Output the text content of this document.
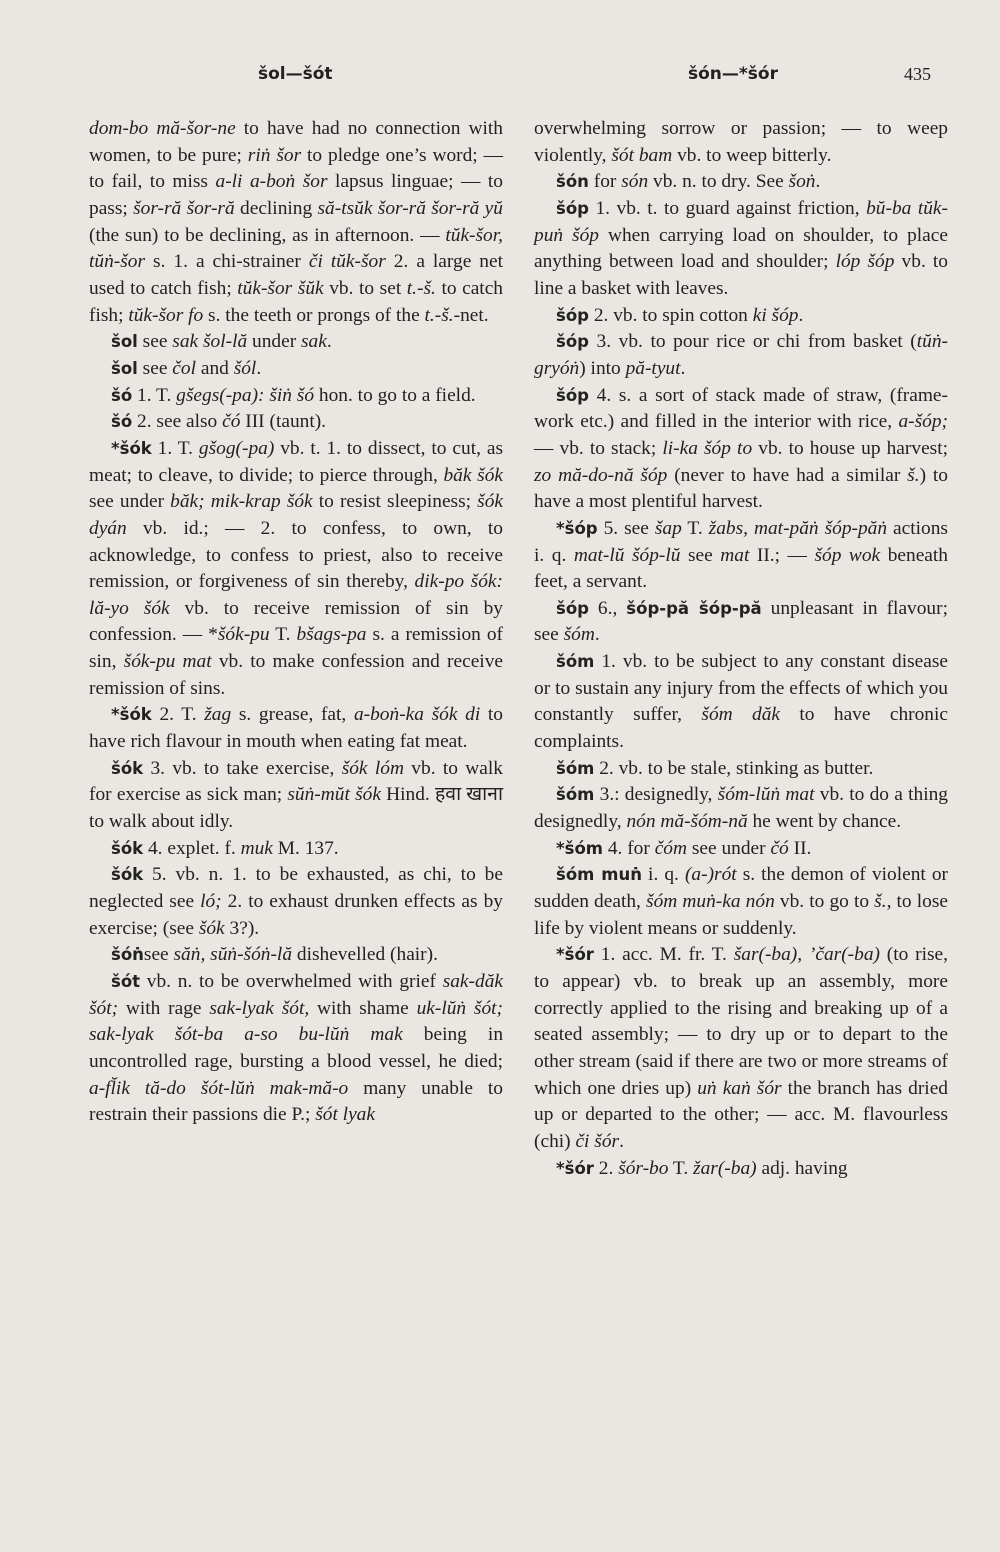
šol—šót	šón—*šór	435

dom-bo mă-šor-ne to have had no connection with women, to be pure; riṅ šor to pledge one’s word; — to fail, to miss a-li a-boṅ šor lapsus linguae; — to pass; šor-ră šor-ră declining să-tsŭk šor-ră šor-ră yŭ (the sun) to be declining, as in afternoon. — tŭk-šor, tŭṅ-šor s. 1. a chi-strainer či tŭk-šor 2. a large net used to catch fish; tŭk-šor šŭk vb. to set t.-š. to catch fish; tŭk-šor fo s. the teeth or prongs of the t.-š.-net.

šol see sak šol-lă under sak.

šol see čol and šól.

šó 1. T. gšegs(-pa): šiṅ šó hon. to go to a field.

šó 2. see also čó III (taunt).

*šók 1. T. gšog(-pa) vb. t. 1. to dissect, to cut, as meat; to cleave, to divide; to pierce through, băk šók see under băk; mik-krap šók to resist sleepiness; šók dyán vb. id.; — 2. to confess, to own, to acknowledge, to confess to priest, also to receive remission, or forgiveness of sin thereby, dik-po šók: lă-yo šók vb. to receive remission of sin by confession. — *šók-pu T. bšags-pa s. a remission of sin, šók-pu mat vb. to make confession and receive remission of sins.

*šók 2. T. žag s. grease, fat, a-boṅ-ka šók di to have rich flavour in mouth when eating fat meat.

šók 3. vb. to take exercise, šók lóm vb. to walk for exercise as sick man; sŭṅ-mŭt šók Hind. हवा खाना to walk about idly.

šók 4. explet. f. muk M. 137.

šók 5. vb. n. 1. to be exhausted, as chi, to be neglected see ló; 2. to exhaust drunken effects as by exercise; (see šók 3?).

šóṅsee săṅ, sŭṅ-šóṅ-lă dishevelled (hair).

šót vb. n. to be overwhelmed with grief sak-dăk šót; with rage sak-lyak šót, with shame uk-lŭṅ šót; sak-lyak šót-ba a-so bu-lŭṅ mak being in uncontrolled rage, bursting a blood vessel, he died; a-fl̆ik tă-do šót-lŭṅ mak-mă-o many unable to restrain their passions die P.; šót lyak

overwhelming sorrow or passion; — to weep violently, šót bam vb. to weep bitterly.

šón for són vb. n. to dry. See šoṅ.

šóp 1. vb. t. to guard against friction, bŭ-ba tŭk-puṅ šóp when carrying load on shoulder, to place anything between load and shoulder; lóp šóp vb. to line a basket with leaves.

šóp 2. vb. to spin cotton ki šóp.

šóp 3. vb. to pour rice or chi from basket (tŭṅ-gryóṅ) into pă-tyut.

šóp 4. s. a sort of stack made of straw, (frame-work etc.) and filled in the interior with rice, a-šóp; — vb. to stack; li-ka šóp to vb. to house up harvest; zo mă-do-nă šóp (never to have had a similar š.) to have a most plentiful harvest.

*šóp 5. see šap T. žabs, mat-păṅ šóp-păṅ actions i. q. mat-lŭ šóp-lŭ see mat II.; — šóp wok beneath feet, a servant.

šóp 6., šóp-pă šóp-pă unpleasant in flavour; see šóm.

šóm 1. vb. to be subject to any constant disease or to sustain any injury from the effects of which you constantly suffer, šóm dăk to have chronic complaints.

šóm 2. vb. to be stale, stinking as butter.

šóm 3.: designedly, šóm-lŭṅ mat vb. to do a thing designedly, nón mă-šóm-nă he went by chance.

*šóm 4. for čóm see under čó II.

šóm muṅ i. q. (a-)rót s. the demon of violent or sudden death, šóm muṅ-ka nón vb. to go to š., to lose life by violent means or suddenly.

*šór 1. acc. M. fr. T. šar(-ba), ’čar(-ba) (to rise, to appear) vb. to break up an assembly, more correctly applied to the rising and breaking up of a seated assembly; — to dry up or to depart to the other stream (said if there are two or more streams of which one dries up) uṅ kaṅ šór the branch has dried up or departed to the other; — acc. M. flavourless (chi) či šór.

*šór 2. šór-bo T. žar(-ba) adj. having
